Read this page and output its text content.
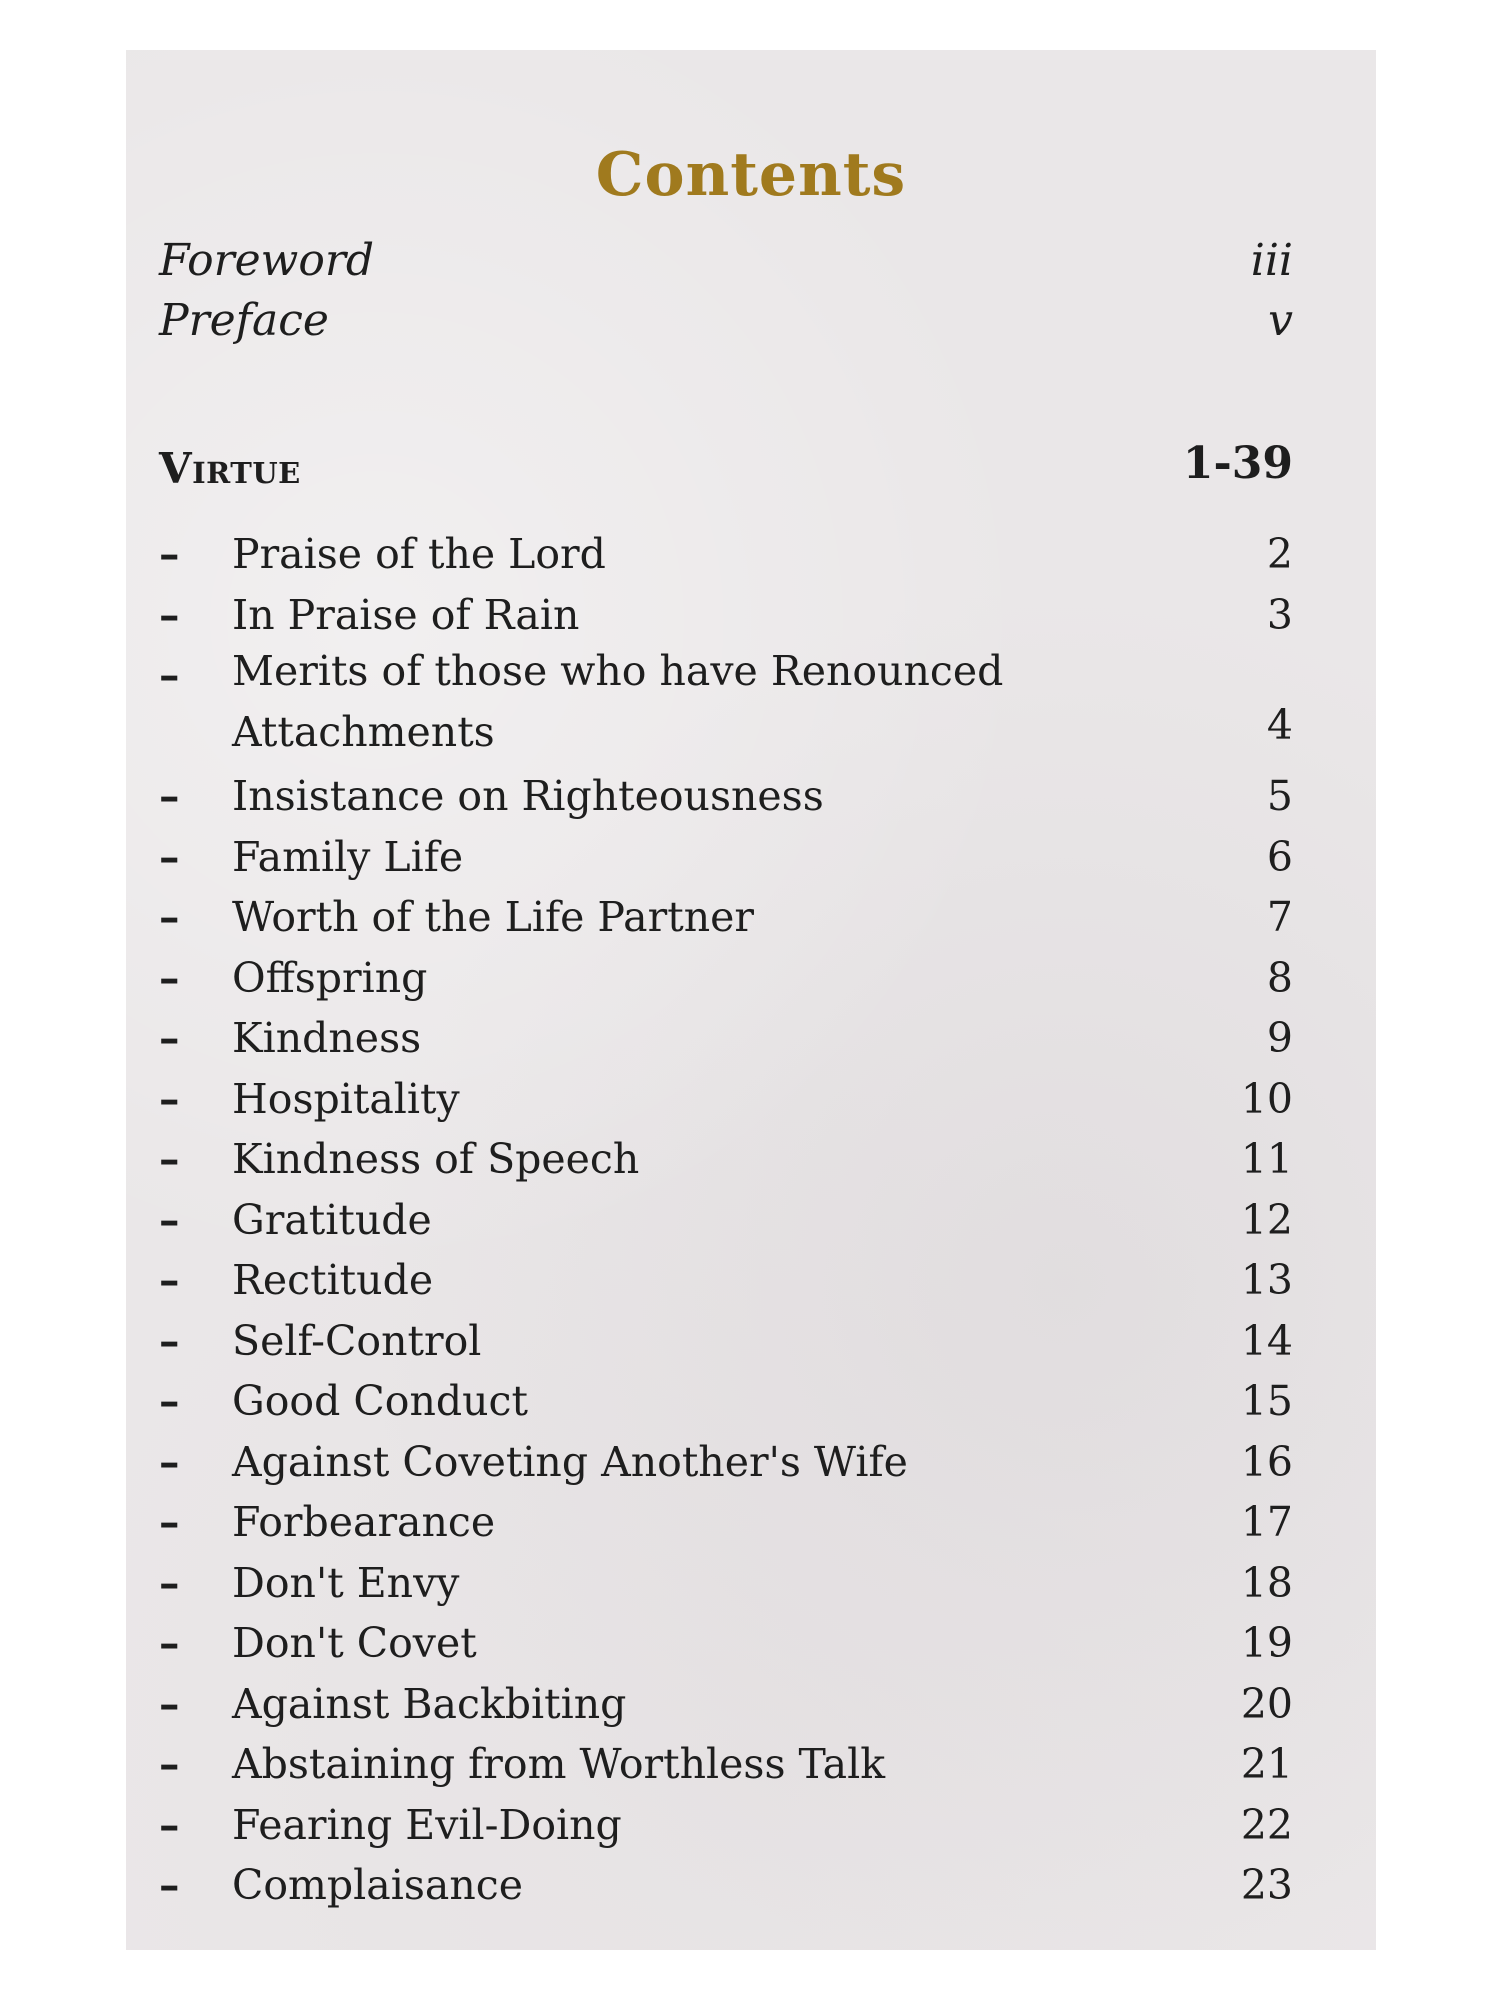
Contents
Foreword	iii
Preface	v
Virtue	1-39
– Praise of the Lord	2
– In Praise of Rain	3
– Merits of those who have Renounced Attachments	4
– Insistance on Righteousness	5
– Family Life	6
– Worth of the Life Partner	7
– Offspring	8
– Kindness	9
– Hospitality	10
– Kindness of Speech	11
– Gratitude	12
– Rectitude	13
– Self-Control	14
– Good Conduct	15
– Against Coveting Another's Wife	16
– Forbearance	17
– Don't Envy	18
– Don't Covet	19
– Against Backbiting	20
– Abstaining from Worthless Talk	21
– Fearing Evil-Doing	22
– Complaisance	23
